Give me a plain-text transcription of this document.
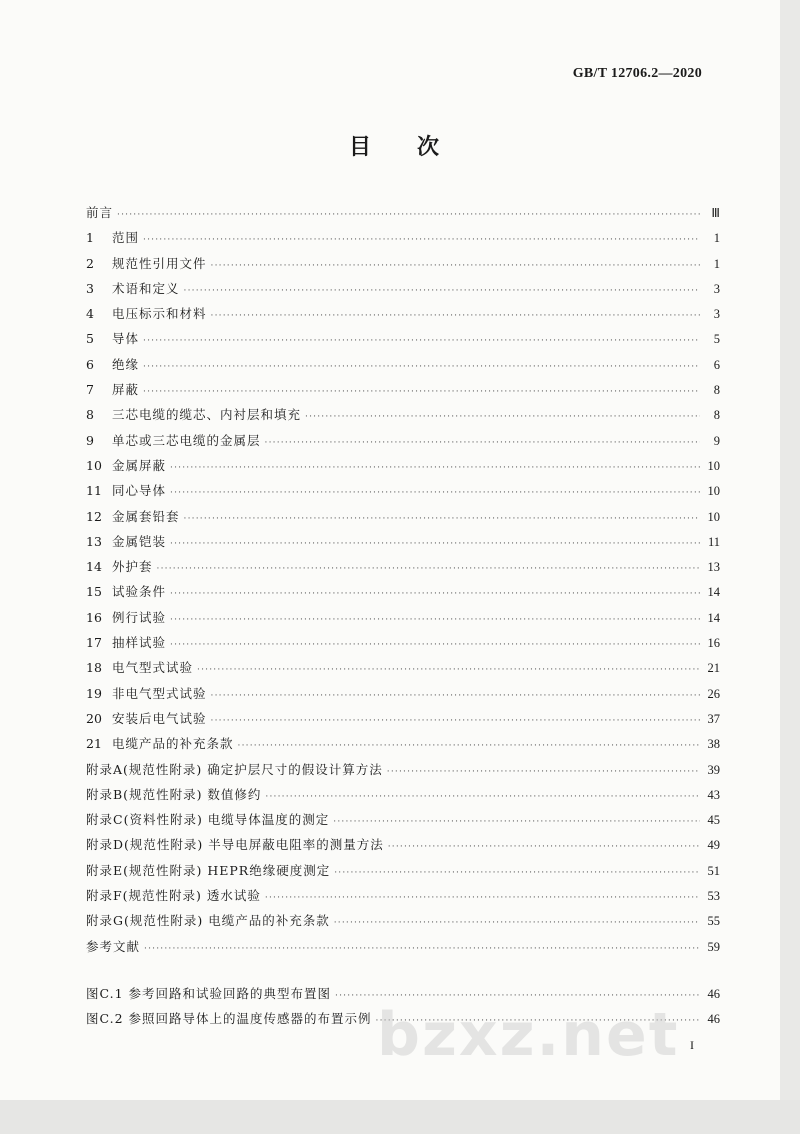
GB/T 12706.2—2020
目 次
前言 ·····	Ⅲ
1	范围 ·····	1
2	规范性引用文件 ·····	1
3	术语和定义 ·····	3
4	电压标示和材料 ·····	3
5	导体 ·····	5
6	绝缘 ·····	6
7	屏蔽 ·····	8
8	三芯电缆的缆芯、内衬层和填充 ·····	8
9	单芯或三芯电缆的金属层 ·····	9
10 金属屏蔽 ·····	10
11 同心导体 ·····	10
12 金属套铅套 ·····	10
13 金属铠装 ·····	11
14 外护套 ·····	13
15 试验条件 ·····	14
16 例行试验 ·····	14
17 抽样试验 ·····	16
18 电气型式试验 ·····	21
19 非电气型式试验 ·····	26
20 安装后电气试验 ·····	37
21 电缆产品的补充条款 ·····	38
附录A(规范性附录) 确定护层尺寸的假设计算方法 ·····	39
附录B(规范性附录) 数值修约 ·····	43
附录C(资料性附录) 电缆导体温度的测定 ·····	45
附录D(规范性附录) 半导电屏蔽电阻率的测量方法 ·····	49
附录E(规范性附录) HEPR绝缘硬度测定 ·····	51
附录F(规范性附录) 透水试验 ·····	53
附录G(规范性附录) 电缆产品的补充条款 ·····	55
参考文献 ·····	59
图C.1 参考回路和试验回路的典型布置图 ·····	46
图C.2 参照回路导体上的温度传感器的布置示例 ·····	46
I
bzxz.net
